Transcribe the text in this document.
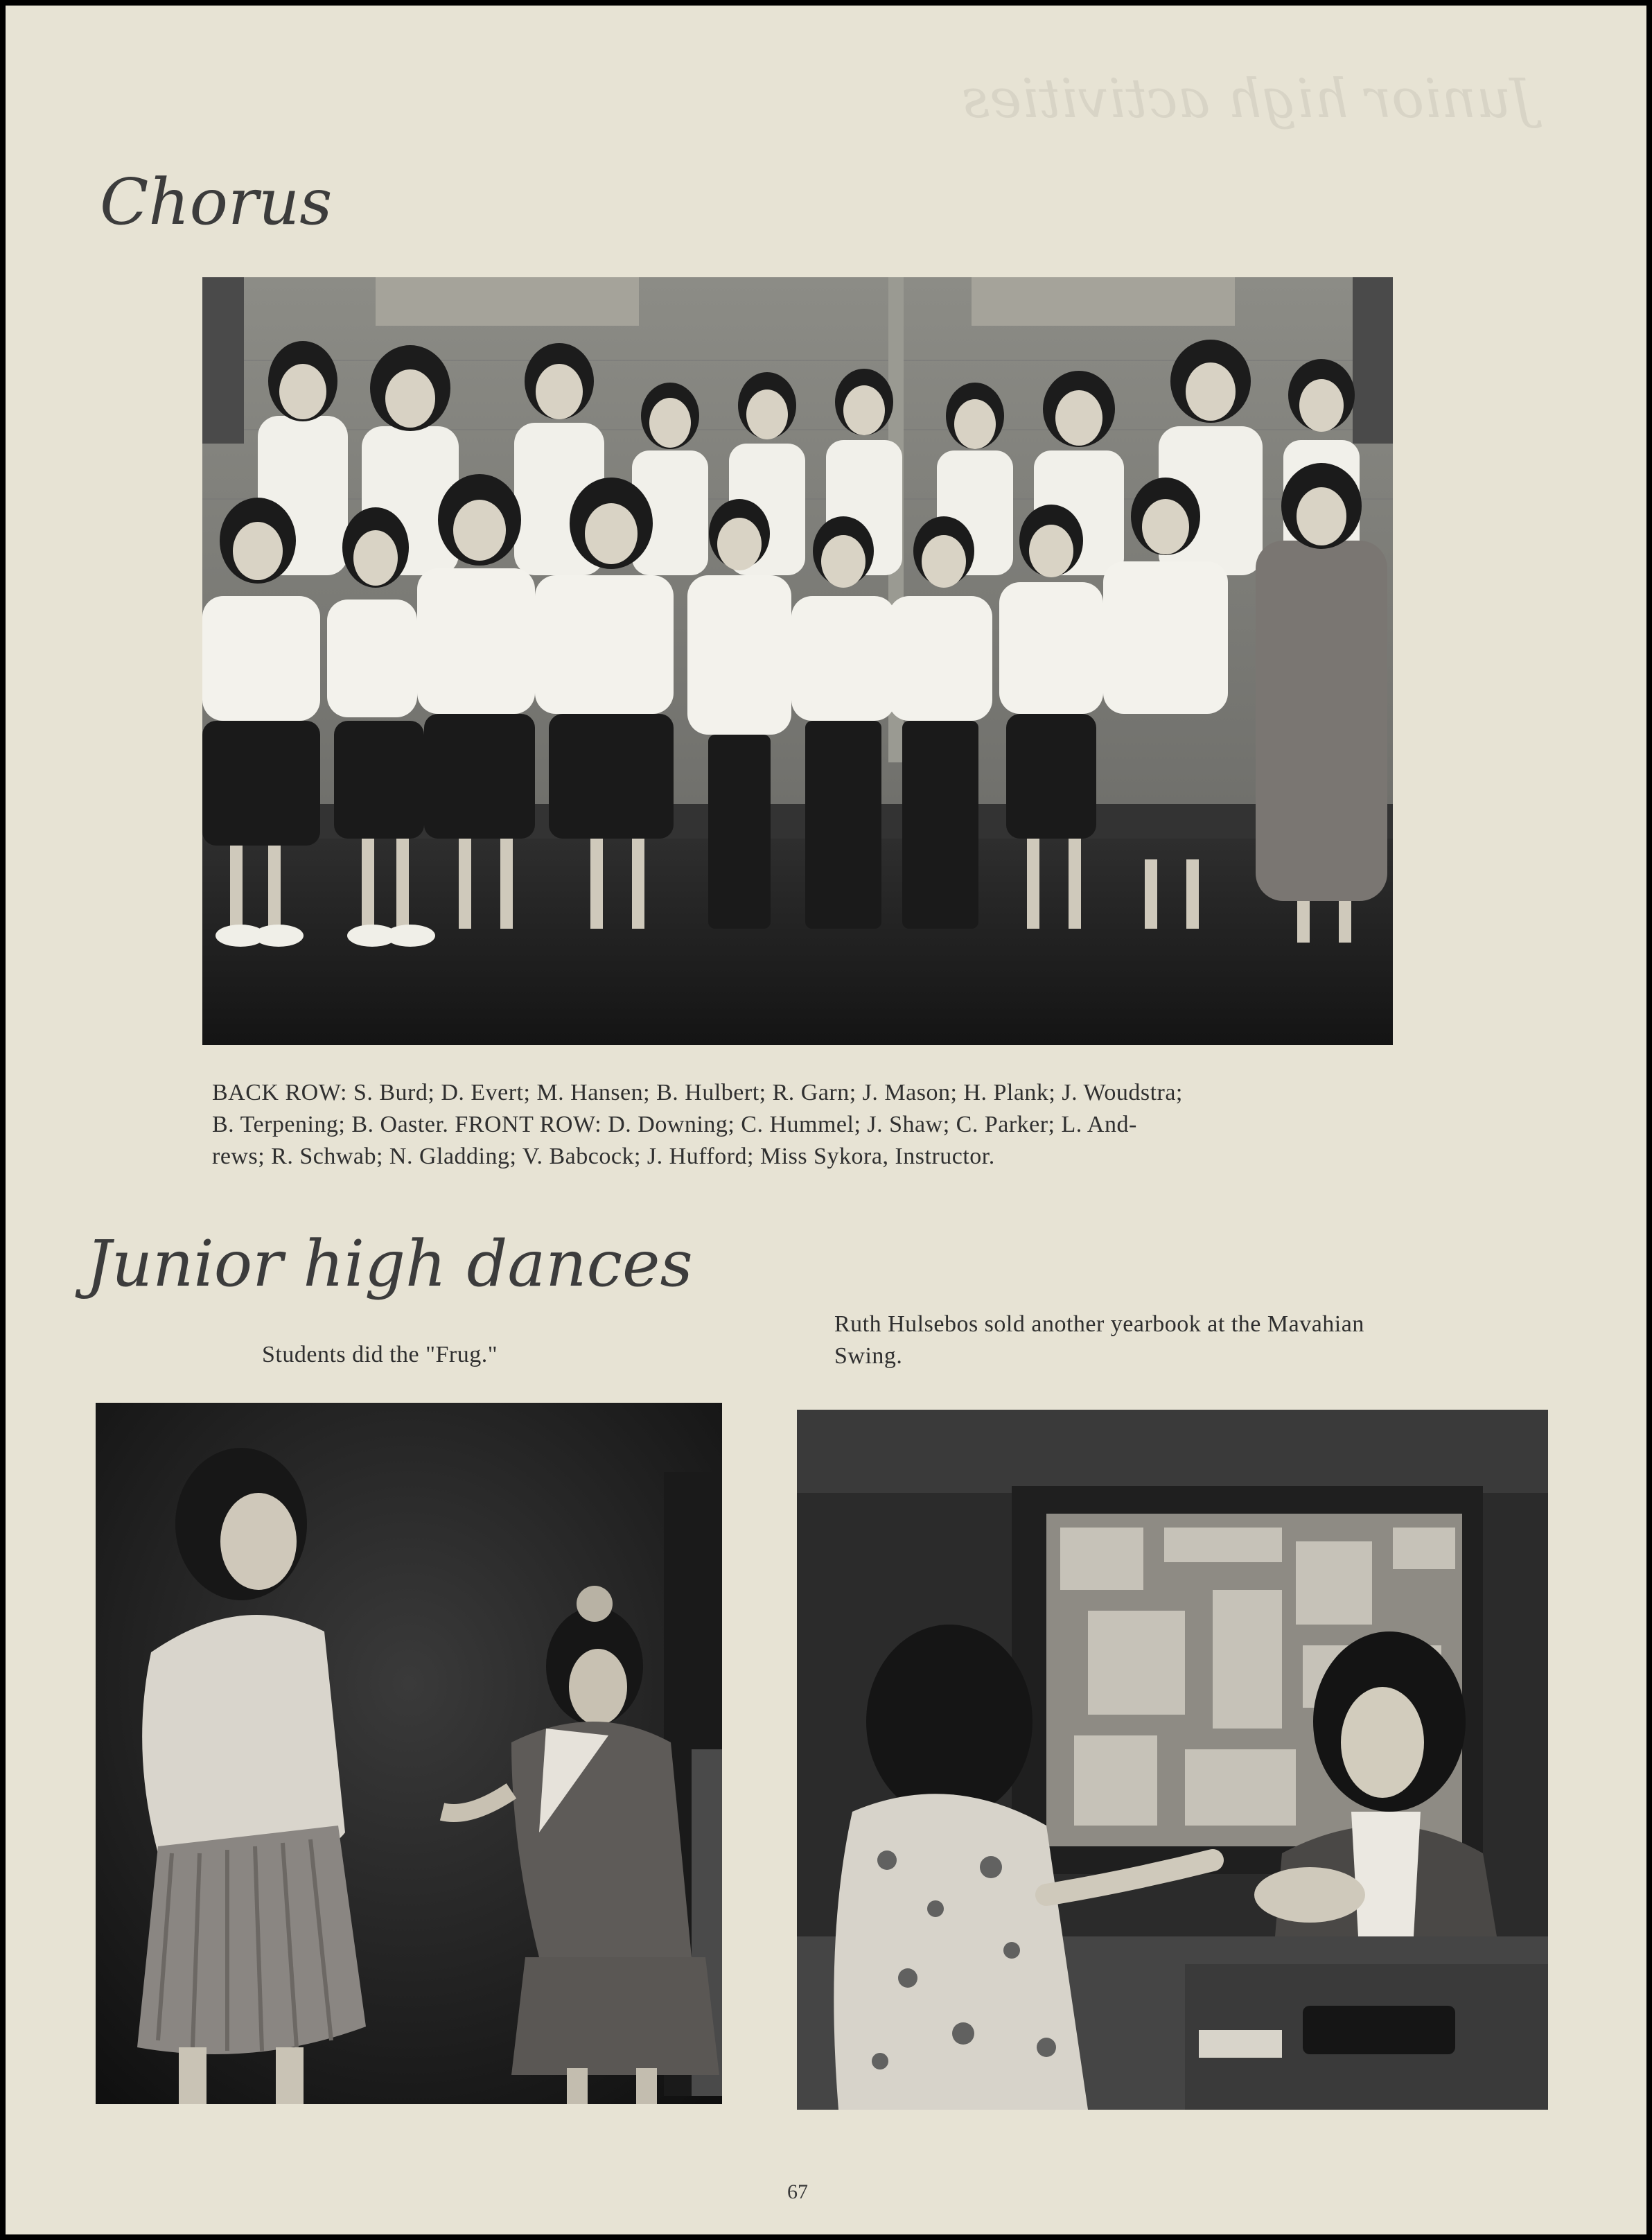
Junior high activities
Chorus
BACK ROW: S. Burd; D. Evert; M. Hansen; B. Hulbert; R. Garn; J. Mason; H. Plank; J. Woudstra;
B. Terpening; B. Oaster. FRONT ROW: D. Downing; C. Hummel; J. Shaw; C. Parker; L. And-
rews; R. Schwab; N. Gladding; V. Babcock; J. Hufford; Miss Sykora, Instructor.
Junior high dances
Students did the "Frug."
Ruth Hulsebos sold another yearbook at the Mavahian
Swing.
67
